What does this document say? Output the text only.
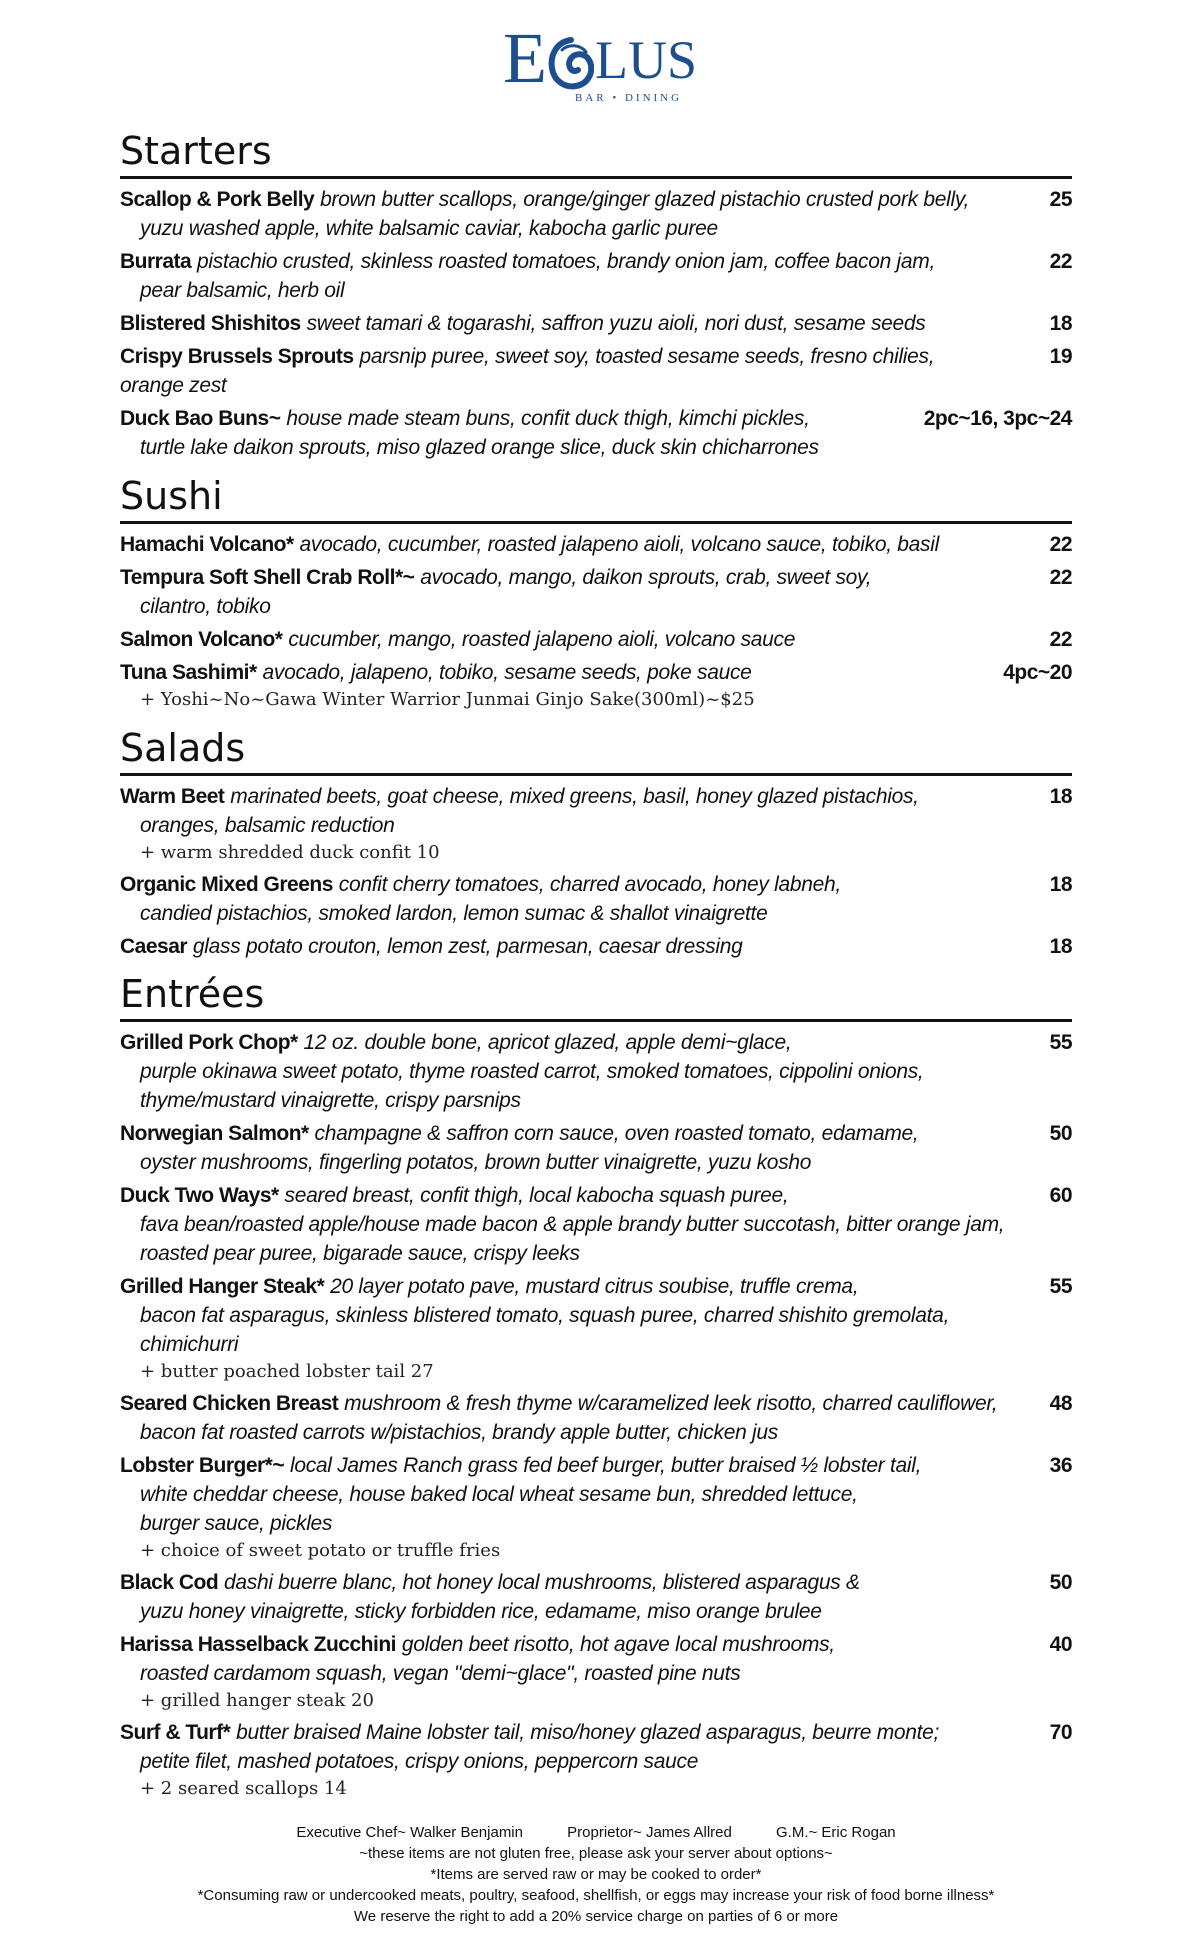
E LUS
BAR • DINING
Starters
Scallop & Pork Belly brown butter scallops, orange/ginger glazed pistachio crusted pork belly,	25
yuzu washed apple, white balsamic caviar, kabocha garlic puree
Burrata pistachio crusted, skinless roasted tomatoes, brandy onion jam, coffee bacon jam,	22
pear balsamic, herb oil
Blistered Shishitos sweet tamari & togarashi, saffron yuzu aioli, nori dust, sesame seeds	18
Crispy Brussels Sprouts parsnip puree, sweet soy, toasted sesame seeds, fresno chilies,	19
orange zest
Duck Bao Buns~ house made steam buns, confit duck thigh, kimchi pickles,	2pc~16, 3pc~24
turtle lake daikon sprouts, miso glazed orange slice, duck skin chicharrones
Sushi
Hamachi Volcano* avocado, cucumber, roasted jalapeno aioli, volcano sauce, tobiko, basil	22
Tempura Soft Shell Crab Roll*~ avocado, mango, daikon sprouts, crab, sweet soy,	22
cilantro, tobiko
Salmon Volcano* cucumber, mango, roasted jalapeno aioli, volcano sauce	22
Tuna Sashimi* avocado, jalapeno, tobiko, sesame seeds, poke sauce	4pc~20
+ Yoshi~No~Gawa Winter Warrior Junmai Ginjo Sake(300ml)~$25
Salads
Warm Beet marinated beets, goat cheese, mixed greens, basil, honey glazed pistachios,	18
oranges, balsamic reduction
+ warm shredded duck confit 10
Organic Mixed Greens confit cherry tomatoes, charred avocado, honey labneh,	18
candied pistachios, smoked lardon, lemon sumac & shallot vinaigrette
Caesar glass potato crouton, lemon zest, parmesan, caesar dressing	18
Entrées
Grilled Pork Chop* 12 oz. double bone, apricot glazed, apple demi~glace,	55
purple okinawa sweet potato, thyme roasted carrot, smoked tomatoes, cippolini onions,
thyme/mustard vinaigrette, crispy parsnips
Norwegian Salmon* champagne & saffron corn sauce, oven roasted tomato, edamame,	50
oyster mushrooms, fingerling potatos, brown butter vinaigrette, yuzu kosho
Duck Two Ways* seared breast, confit thigh, local kabocha squash puree,	60
fava bean/roasted apple/house made bacon & apple brandy butter succotash, bitter orange jam,
roasted pear puree, bigarade sauce, crispy leeks
Grilled Hanger Steak* 20 layer potato pave, mustard citrus soubise, truffle crema,	55
bacon fat asparagus, skinless blistered tomato, squash puree, charred shishito gremolata,
chimichurri
+ butter poached lobster tail 27
Seared Chicken Breast mushroom & fresh thyme w/caramelized leek risotto, charred cauliflower,	48
bacon fat roasted carrots w/pistachios, brandy apple butter, chicken jus
Lobster Burger*~ local James Ranch grass fed beef burger, butter braised ½ lobster tail,	36
white cheddar cheese, house baked local wheat sesame bun, shredded lettuce,
burger sauce, pickles
+ choice of sweet potato or truffle fries
Black Cod dashi buerre blanc, hot honey local mushrooms, blistered asparagus &	50
yuzu honey vinaigrette, sticky forbidden rice, edamame, miso orange brulee
Harissa Hasselback Zucchini golden beet risotto, hot agave local mushrooms,	40
roasted cardamom squash, vegan "demi~glace", roasted pine nuts
+ grilled hanger steak 20
Surf & Turf* butter braised Maine lobster tail, miso/honey glazed asparagus, beurre monte;	70
petite filet, mashed potatoes, crispy onions, peppercorn sauce
+ 2 seared scallops 14
Executive Chef~ Walker Benjamin	Proprietor~ James Allred	G.M.~ Eric Rogan
~these items are not gluten free, please ask your server about options~
*Items are served raw or may be cooked to order*
*Consuming raw or undercooked meats, poultry, seafood, shellfish, or eggs may increase your risk of food borne illness*
We reserve the right to add a 20% service charge on parties of 6 or more
